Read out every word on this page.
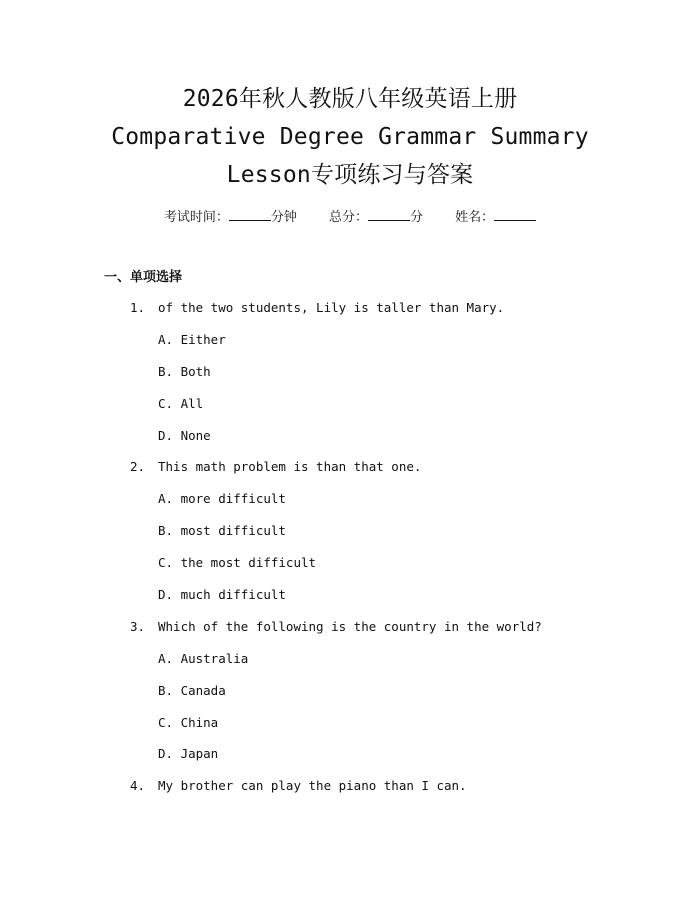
2026年秋人教版八年级英语上册
Comparative Degree Grammar Summary
Lesson专项练习与答案
考试时间：	分钟 总分：	分 姓名：
一、单项选择
1. of the two students, Lily is taller than Mary.
A. Either
B. Both
C. All
D. None
2. This math problem is than that one.
A. more difficult
B. most difficult
C. the most difficult
D. much difficult
3. Which of the following is the country in the world?
A. Australia
B. Canada
C. China
D. Japan
4. My brother can play the piano than I can.
